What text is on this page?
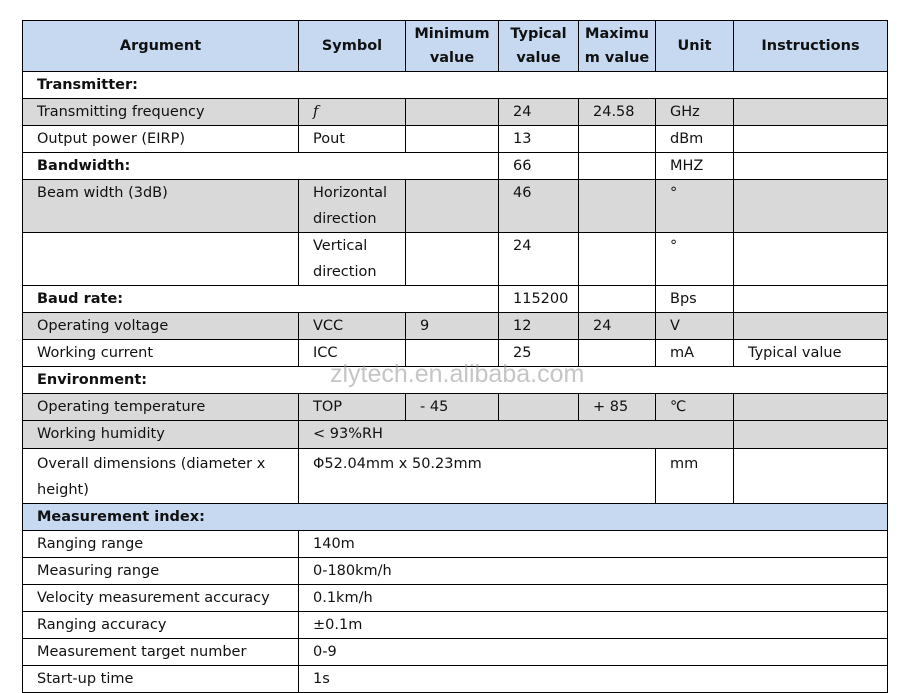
Argument	Symbol	Minimum value	Typical value	Maximum value	Unit	Instructions
Transmitter:						
Transmitting frequency	f		24	24.58	GHz	
Output power (EIRP)	Pout		13		dBm	
Bandwidth:			66		MHZ	
Beam width (3dB)	Horizontal direction		46		°	
	Vertical direction		24		°	
Baud rate:			115200		Bps	
Operating voltage	VCC	9	12	24	V	
Working current	ICC		25		mA	Typical value
Environment:						
Operating temperature	TOP	- 45		+ 85	℃	
Working humidity	< 93%RH					
Overall dimensions (diameter x height)	Φ52.04mm x 50.23mm				mm	
Measurement index:						
Ranging range	140m					
Measuring range	0-180km/h					
Velocity measurement accuracy	0.1km/h					
Ranging accuracy	±0.1m					
Measurement target number	0-9					
Start-up time	1s					
zlytech.en.alibaba.com
